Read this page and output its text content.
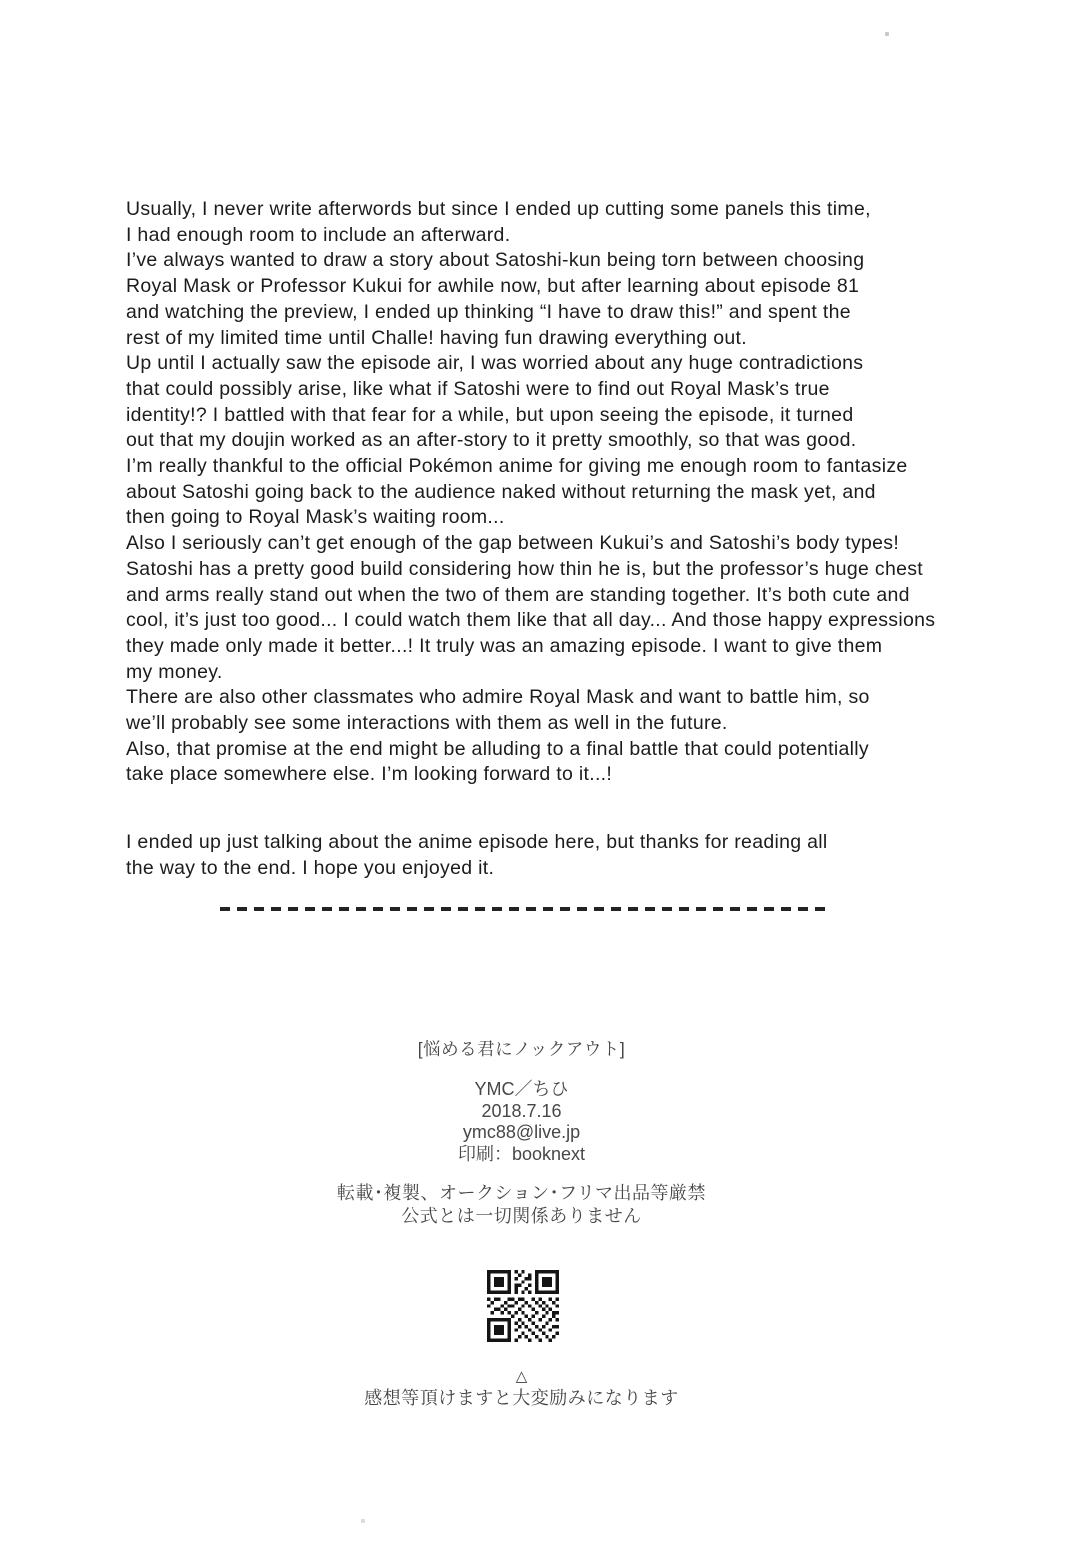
Usually, I never write afterwords but since I ended up cutting some panels this time,

I had enough room to include an afterward.

I’ve always wanted to draw a story about Satoshi-kun being torn between choosing

Royal Mask or Professor Kukui for awhile now, but after learning about episode 81

and watching the preview, I ended up thinking “I have to draw this!” and spent the

rest of my limited time until Challe! having fun drawing everything out.

Up until I actually saw the episode air, I was worried about any huge contradictions

that could possibly arise, like what if Satoshi were to find out Royal Mask’s true

identity!? I battled with that fear for a while, but upon seeing the episode, it turned

out that my doujin worked as an after-story to it pretty smoothly, so that was good.

I’m really thankful to the official Pokémon anime for giving me enough room to fantasize

about Satoshi going back to the audience naked without returning the mask yet, and

then going to Royal Mask’s waiting room...

Also I seriously can’t get enough of the gap between Kukui’s and Satoshi’s body types!

Satoshi has a pretty good build considering how thin he is, but the professor’s huge chest

and arms really stand out when the two of them are standing together. It’s both cute and

cool, it’s just too good... I could watch them like that all day... And those happy expressions

they made only made it better...! It truly was an amazing episode. I want to give them

my money.

There are also other classmates who admire Royal Mask and want to battle him, so

we’ll probably see some interactions with them as well in the future.

Also, that promise at the end might be alluding to a final battle that could potentially

take place somewhere else. I’m looking forward to it...!

I ended up just talking about the anime episode here, but thanks for reading all

the way to the end. I hope you enjoyed it.

[悩める君にノックアウト]

YMC／ちひ

2018.7.16

ymc88@live.jp

印刷：booknext

転載･複製、オークション･フリマ出品等厳禁

公式とは一切関係ありません

△

感想等頂けますと大変励みになります
